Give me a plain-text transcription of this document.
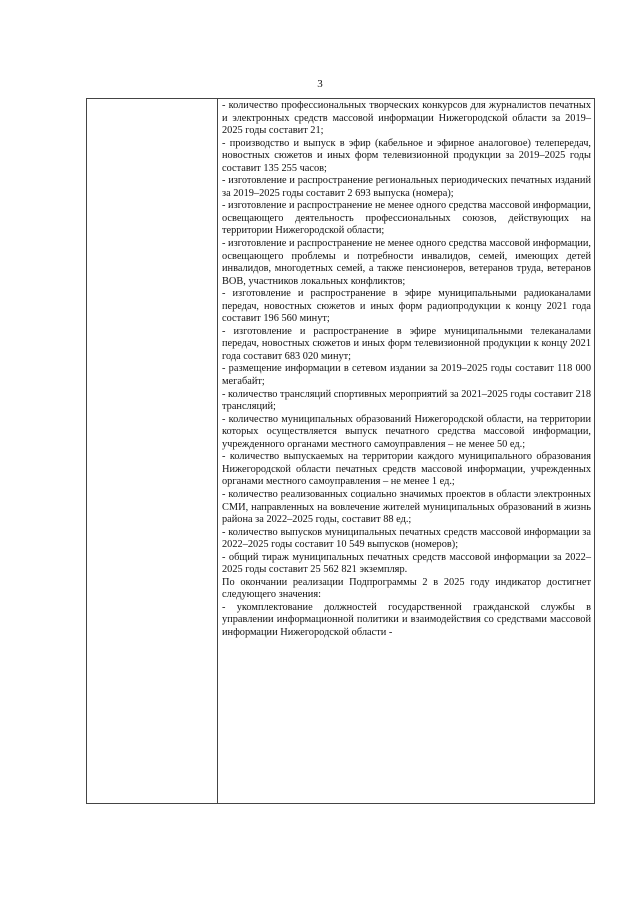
3

- количество профессиональных творческих конкурсов для журналистов печатных и электронных средств массовой информации Нижегородской области за 2019–2025 годы составит 21;

- производство и выпуск в эфир (кабельное и эфирное аналоговое) телепередач, новостных сюжетов и иных форм телевизионной продукции за 2019–2025 годы составит 135 255 часов;

- изготовление и распространение региональных периодических печатных изданий за 2019–2025 годы составит 2 693 выпуска (номера);

- изготовление и распространение не менее одного средства массовой информации, освещающего деятельность профессиональных союзов, действующих на территории Нижегородской области;

- изготовление и распространение не менее одного средства массовой информации, освещающего проблемы и потребности инвалидов, семей, имеющих детей инвалидов, многодетных семей, а также пенсионеров, ветеранов труда, ветеранов ВОВ, участников локальных конфликтов;

- изготовление и распространение в эфире муниципальными радиоканалами передач, новостных сюжетов и иных форм радиопродукции к концу 2021 года составит 196 560 минут;

- изготовление и распространение в эфире муниципальными телеканалами передач, новостных сюжетов и иных форм телевизионной продукции к концу 2021 года составит 683 020 минут;

- размещение информации в сетевом издании за 2019–2025 годы составит 118 000 мегабайт;

- количество трансляций спортивных мероприятий за 2021–2025 годы составит 218 трансляций;

- количество муниципальных образований Нижегородской области, на территории которых осуществляется выпуск печатного средства массовой информации, учрежденного органами местного самоуправления – не менее 50 ед.;

- количество выпускаемых на территории каждого муниципального образования Нижегородской области печатных средств массовой информации, учрежденных органами местного самоуправления – не менее 1 ед.;

- количество реализованных социально значимых проектов в области электронных СМИ, направленных на вовлечение жителей муниципальных образований в жизнь района за 2022–2025 годы, составит 88 ед.;

- количество выпусков муниципальных печатных средств массовой информации за 2022–2025 годы составит 10 549 выпусков (номеров);

- общий тираж муниципальных печатных средств массовой информации за 2022–2025 годы составит 25 562 821 экземпляр.

По окончании реализации Подпрограммы 2 в 2025 году индикатор достигнет следующего значения:

- укомплектование должностей государственной гражданской службы в управлении информационной политики и взаимодействия со средствами массовой информации Нижегородской области -
